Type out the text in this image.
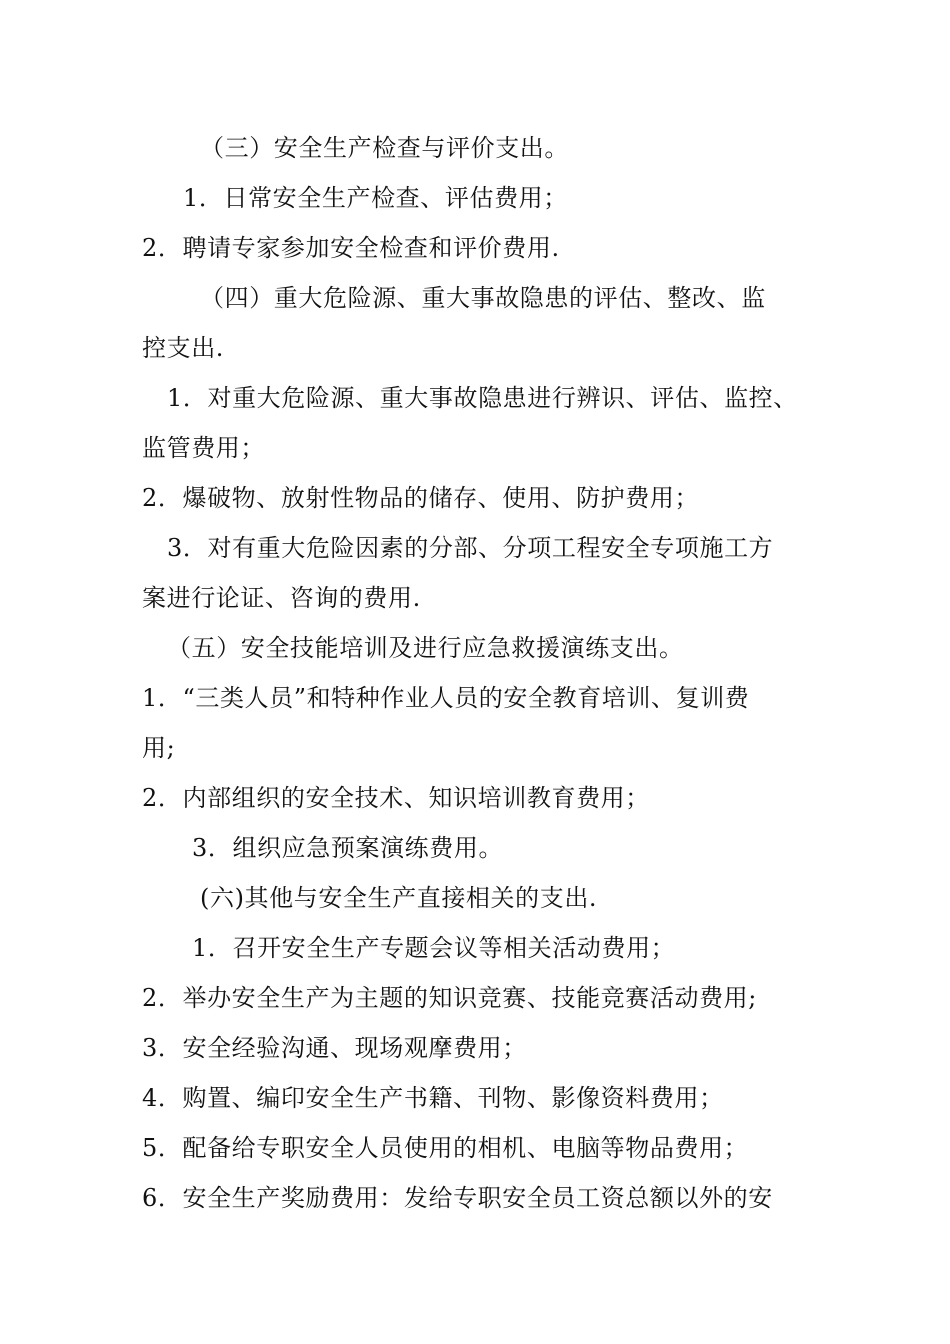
（三）安全生产检查与评价支出。
1．日常安全生产检查、评估费用；
2．聘请专家参加安全检查和评价费用.
（四）重大危险源、重大事故隐患的评估、整改、监
控支出.
1．对重大危险源、重大事故隐患进行辨识、评估、监控、
监管费用；
2．爆破物、放射性物品的储存、使用、防护费用；
3．对有重大危险因素的分部、分项工程安全专项施工方
案进行论证、咨询的费用.
（五）安全技能培训及进行应急救援演练支出。
1．“三类人员”和特种作业人员的安全教育培训、复训费
用;
2．内部组织的安全技术、知识培训教育费用；
3．组织应急预案演练费用。
(六)其他与安全生产直接相关的支出.
1．召开安全生产专题会议等相关活动费用；
2．举办安全生产为主题的知识竞赛、技能竞赛活动费用;
3．安全经验沟通、现场观摩费用；
4．购置、编印安全生产书籍、刊物、影像资料费用；
5．配备给专职安全人员使用的相机、电脑等物品费用；
6．安全生产奖励费用：发给专职安全员工资总额以外的安
